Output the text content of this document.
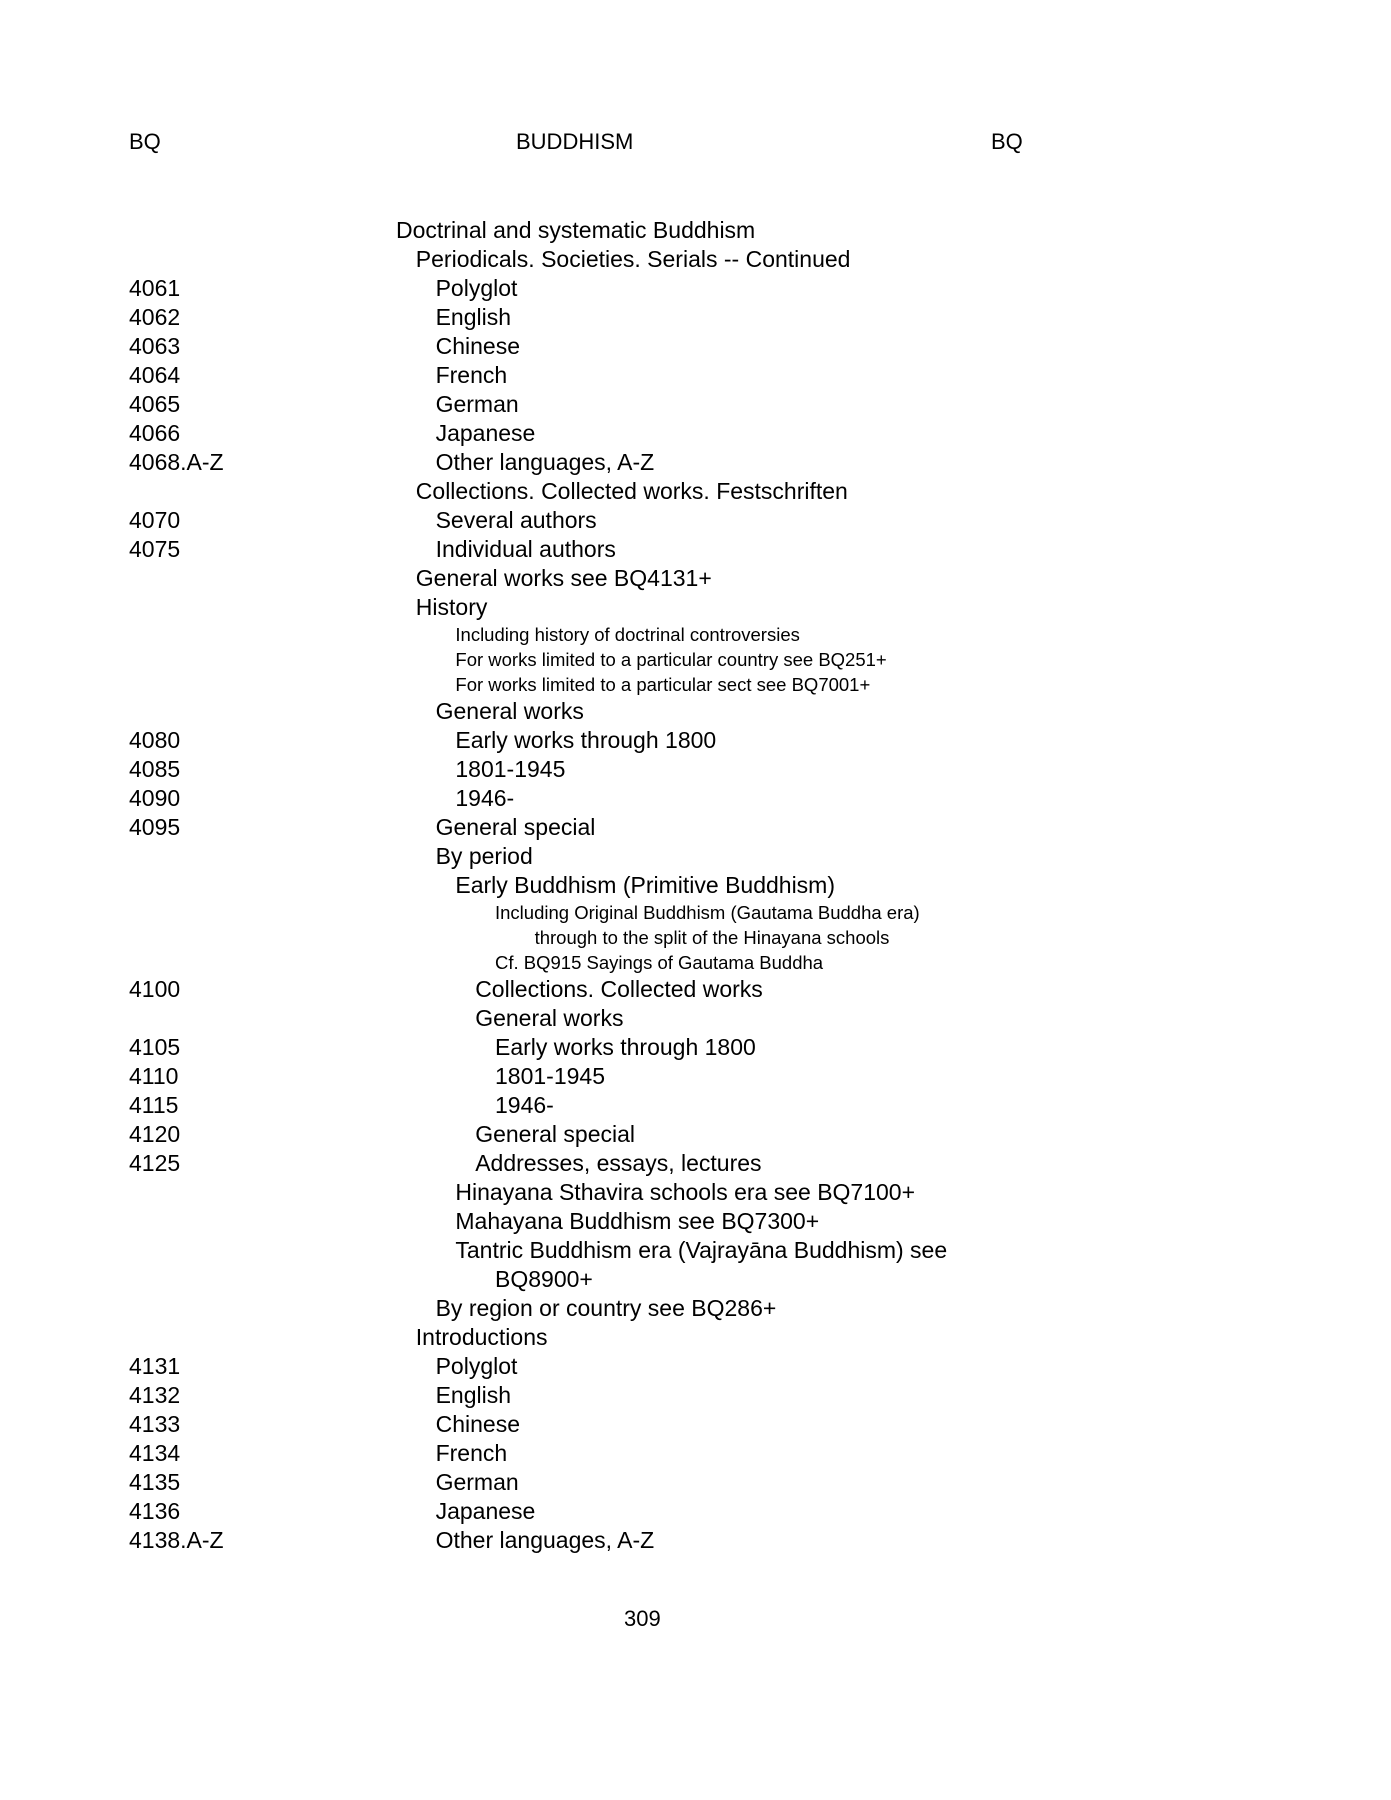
BQ	BUDDHISM	BQ
Doctrinal and systematic Buddhism
Periodicals. Societies. Serials -- Continued
4061	Polyglot
4062	English
4063	Chinese
4064	French
4065	German
4066	Japanese
4068.A-Z	Other languages, A-Z
Collections. Collected works. Festschriften
4070	Several authors
4075	Individual authors
General works see BQ4131+
History
Including history of doctrinal controversies
For works limited to a particular country see BQ251+
For works limited to a particular sect see BQ7001+
General works
4080	Early works through 1800
4085	1801-1945
4090	1946-
4095	General special
By period
Early Buddhism (Primitive Buddhism)
Including Original Buddhism (Gautama Buddha era)
through to the split of the Hinayana schools
Cf. BQ915 Sayings of Gautama Buddha
4100	Collections. Collected works
General works
4105	Early works through 1800
4110	1801-1945
4115	1946-
4120	General special
4125	Addresses, essays, lectures
Hinayana Sthavira schools era see BQ7100+
Mahayana Buddhism see BQ7300+
Tantric Buddhism era (Vajrayāna Buddhism) see
BQ8900+
By region or country see BQ286+
Introductions
4131	Polyglot
4132	English
4133	Chinese
4134	French
4135	German
4136	Japanese
4138.A-Z	Other languages, A-Z
309
